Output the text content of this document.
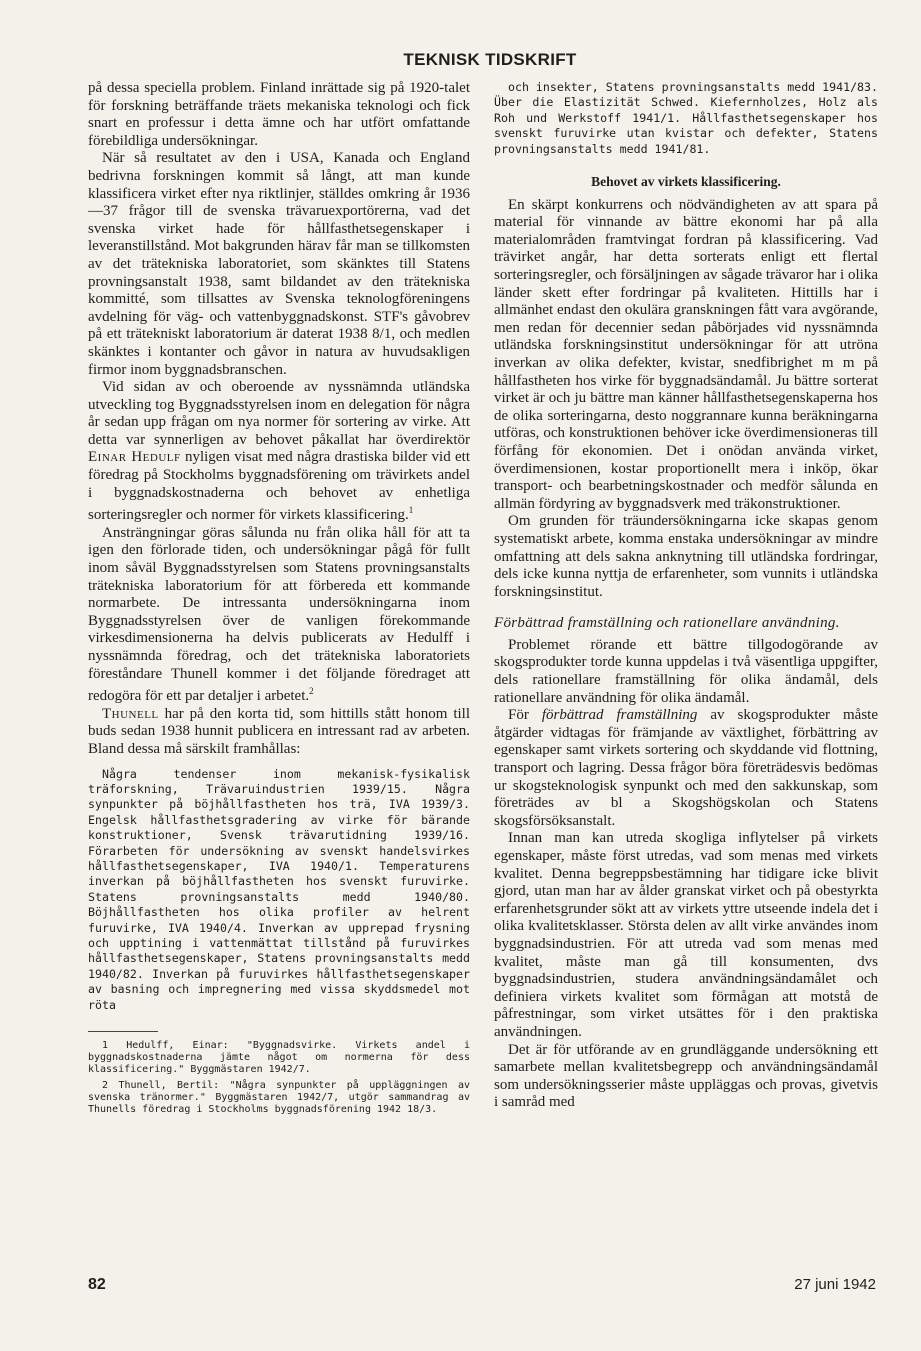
TEKNISK TIDSKRIFT

på dessa speciella problem. Finland inrättade sig på 1920-talet för forskning beträffande träets mekaniska teknologi och fick snart en professur i detta ämne och har utfört omfattande förebildliga undersökningar.

När så resultatet av den i USA, Kanada och England bedrivna forskningen kommit så långt, att man kunde klassificera virket efter nya riktlinjer, ställdes omkring år 1936—37 frågor till de svenska trävaruexportörerna, vad det svenska virket hade för hållfasthetsegenskaper i leveranstillstånd. Mot bakgrunden härav får man se tillkomsten av det trätekniska laboratoriet, som skänktes till Statens provningsanstalt 1938, samt bildandet av den trätekniska kommitté, som tillsattes av Svenska teknologföreningens avdelning för väg- och vattenbyggnadskonst. STF's gåvobrev på ett trätekniskt laboratorium är daterat 1938 8/1, och medlen skänktes i kontanter och gåvor in natura av huvudsakligen firmor inom byggnadsbranschen.

Vid sidan av och oberoende av nyssnämnda utländska utveckling tog Byggnadsstyrelsen inom en delegation för några år sedan upp frågan om nya normer för sortering av virke. Att detta var synnerligen av behovet påkallat har överdirektör Einar Hedulf nyligen visat med några drastiska bilder vid ett föredrag på Stockholms byggnadsförening om trävirkets andel i byggnadskostnaderna och behovet av enhetliga sorteringsregler och normer för virkets klassificering.$^1$

Ansträngningar göras sålunda nu från olika håll för att ta igen den förlorade tiden, och undersökningar pågå för fullt inom såväl Byggnadsstyrelsen som Statens provningsanstalts trätekniska laboratorium för att förbereda ett kommande normarbete. De intressanta undersökningarna inom Byggnadsstyrelsen över de vanligen förekommande virkesdimensionerna ha delvis publicerats av Hedulff i nyssnämnda föredrag, och det trätekniska laboratoriets föreståndare Thunell kommer i det följande föredraget att redogöra för ett par detaljer i arbetet.$^2$

Thunell har på den korta tid, som hittills stått honom till buds sedan 1938 hunnit publicera en intressant rad av arbeten. Bland dessa må särskilt framhållas:

Några tendenser inom mekanisk-fysikalisk träforskning, Trävaruindustrien 1939/15. Några synpunkter på böjhållfastheten hos trä, IVA 1939/3. Engelsk hållfasthetsgradering av virke för bärande konstruktioner, Svensk trävarutidning 1939/16. Förarbeten för undersökning av svenskt handelsvirkes hållfasthetsegenskaper, IVA 1940/1. Temperaturens inverkan på böjhållfastheten hos svenskt furuvirke. Statens provningsanstalts medd 1940/80. Böjhållfastheten hos olika profiler av helrent furuvirke, IVA 1940/4. Inverkan av upprepad frysning och upptining i vattenmättat tillstånd på furuvirkes hållfasthetsegenskaper, Statens provningsanstalts medd 1940/82. Inverkan på furuvirkes hållfasthetsegenskaper av basning och impregnering med vissa skyddsmedel mot röta

1 Hedulff, Einar: "Byggnadsvirke. Virkets andel i byggnadskostnaderna jämte något om normerna för dess klassificering." Byggmästaren 1942/7.

2 Thunell, Bertil: "Några synpunkter på uppläggningen av svenska tränormer." Byggmästaren 1942/7, utgör sammandrag av Thunells föredrag i Stockholms byggnadsförening 1942 18/3.

och insekter, Statens provningsanstalts medd 1941/83. Über die Elastizität Schwed. Kiefernholzes, Holz als Roh und Werkstoff 1941/1. Hållfasthetsegenskaper hos svenskt furuvirke utan kvistar och defekter, Statens provningsanstalts medd 1941/81.

Behovet av virkets klassificering.

En skärpt konkurrens och nödvändigheten av att spara på material för vinnande av bättre ekonomi har på alla materialområden framtvingat fordran på klassificering. Vad trävirket angår, har detta sorterats enligt ett flertal sorteringsregler, och försäljningen av sågade trävaror har i olika länder skett efter fordringar på kvaliteten. Hittills har i allmänhet endast den okulära granskningen fått vara avgörande, men redan för decennier sedan påbörjades vid nyssnämnda utländska forskningsinstitut undersökningar för att utröna inverkan av olika defekter, kvistar, snedfibrighet m m på hållfastheten hos virke för byggnadsändamål. Ju bättre sorterat virket är och ju bättre man känner hållfasthetsegenskaperna hos de olika sorteringarna, desto noggrannare kunna beräkningarna utföras, och konstruktionen behöver icke överdimensioneras till förfång för ekonomien. Det i onödan använda virket, överdimensionen, kostar proportionellt mera i inköp, ökar transport- och bearbetningskostnader och medför sålunda en allmän fördyring av byggnadsverk med träkonstruktioner.

Om grunden för träundersökningarna icke skapas genom systematiskt arbete, komma enstaka undersökningar av mindre omfattning att dels sakna anknytning till utländska fordringar, dels icke kunna nyttja de erfarenheter, som vunnits i utländska forskningsinstitut.

Förbättrad framställning och rationellare användning.

Problemet rörande ett bättre tillgodogörande av skogsprodukter torde kunna uppdelas i två väsentliga uppgifter, dels rationellare framställning för olika ändamål, dels rationellare användning för olika ändamål.

För förbättrad framställning av skogsprodukter måste åtgärder vidtagas för främjande av växtlighet, förbättring av egenskaper samt virkets sortering och skyddande vid flottning, transport och lagring. Dessa frågor böra företrädesvis bedömas ur skogsteknologisk synpunkt och med den sakkunskap, som företrädes av bl a Skogshögskolan och Statens skogsförsöksanstalt.

Innan man kan utreda skogliga inflytelser på virkets egenskaper, måste först utredas, vad som menas med virkets kvalitet. Denna begreppsbestämning har tidigare icke blivit gjord, utan man har av ålder granskat virket och på obestyrkta erfarenhetsgrunder sökt att av virkets yttre utseende indela det i olika kvalitetsklasser. Största delen av allt virke användes inom byggnadsindustrien. För att utreda vad som menas med kvalitet, måste man gå till konsumenten, dvs byggnadsindustrien, studera användningsändamålet och definiera virkets kvalitet som förmågan att motstå de påfrestningar, som virket utsättes för i den praktiska användningen.

Det är för utförande av en grundläggande undersökning ett samarbete mellan kvalitetsbegrepp och användningsändamål som undersökningsserier måste uppläggas och provas, givetvis i samråd med

82	27 juni 1942
